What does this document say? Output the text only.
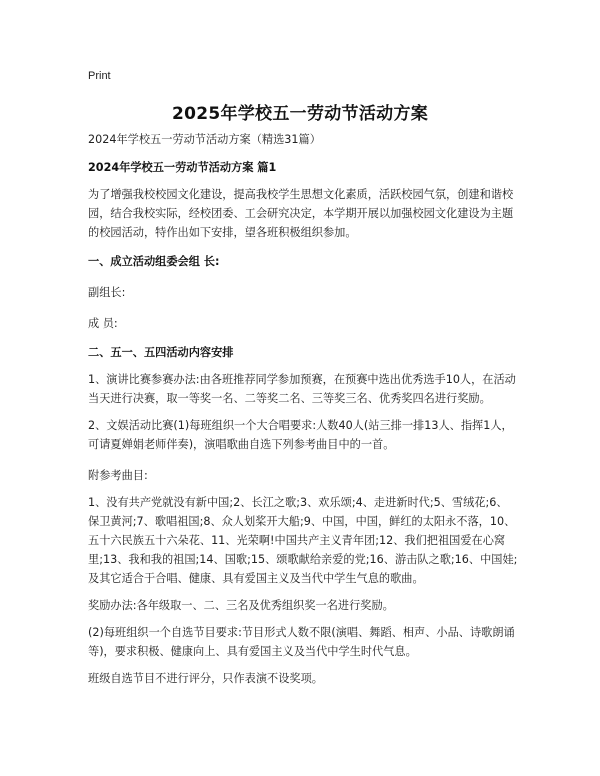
Print
2025年学校五一劳动节活动方案

2024年学校五一劳动节活动方案（精选31篇）

2024年学校五一劳动节活动方案 篇1

为了增强我校校园文化建设，提高我校学生思想文化素质，活跃校园气氛，创建和谐校园，结合我校实际，经校团委、工会研究决定，本学期开展以加强校园文化建设为主题的校园活动，特作出如下安排，望各班积极组织参加。

一、成立活动组委会组 长:

副组长:

成 员:

二、五一、五四活动内容安排

1、演讲比赛参赛办法:由各班推荐同学参加预赛，在预赛中选出优秀选手10人，在活动当天进行决赛，取一等奖一名、二等奖二名、三等奖三名、优秀奖四名进行奖励。

2、文娱活动比赛(1)每班组织一个大合唱要求:人数40人(站三排一排13人、指挥1人，可请夏婵娟老师伴奏)，演唱歌曲自选下列参考曲目中的一首。

附参考曲目:

1、没有共产党就没有新中国;2、长江之歌;3、欢乐颂;4、走进新时代;5、雪绒花;6、保卫黄河;7、歌唱祖国;8、众人划桨开大船;9、中国，中国，鲜红的太阳永不落，10、五十六民族五十六朵花、11、光荣啊!中国共产主义青年团;12、我们把祖国爱在心窝里;13、我和我的祖国;14、国歌;15、颂歌献给亲爱的党;16、游击队之歌;16、中国娃;及其它适合于合唱、健康、具有爱国主义及当代中学生气息的歌曲。

奖励办法:各年级取一、二、三名及优秀组织奖一名进行奖励。

(2)每班组织一个自选节目要求:节目形式人数不限(演唱、舞蹈、相声、小品、诗歌朗诵等)，要求积极、健康向上、具有爱国主义及当代中学生时代气息。

班级自选节目不进行评分，只作表演不设奖项。
